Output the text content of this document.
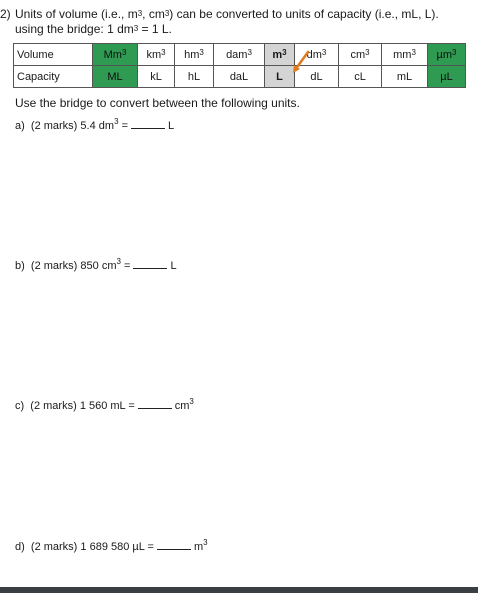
2) Units of volume (i.e., $m^3$, $cm^3$) can be converted to units of capacity (i.e., mL, L).
using the bridge: 1 $dm^3 = 1$ L.
Volume	Mm$^3$	$km^3$	$hm^3$	dam$^3$	$m^3$	$dm^3$	$cm^3$	$mm^3$	µm$^3$
Capacity	ML	kL	hL	daL	L	dL	cL	mL	µL
Use the bridge to convert between the following units.
a) (2 marks) 5.4 $dm^3$ =	L
b) (2 marks) 850 $cm^3$ =	L
c) (2 marks) 1 560 mL =	$cm^3$
d) (2 marks) 1 689 580 µL =	$m^3$
